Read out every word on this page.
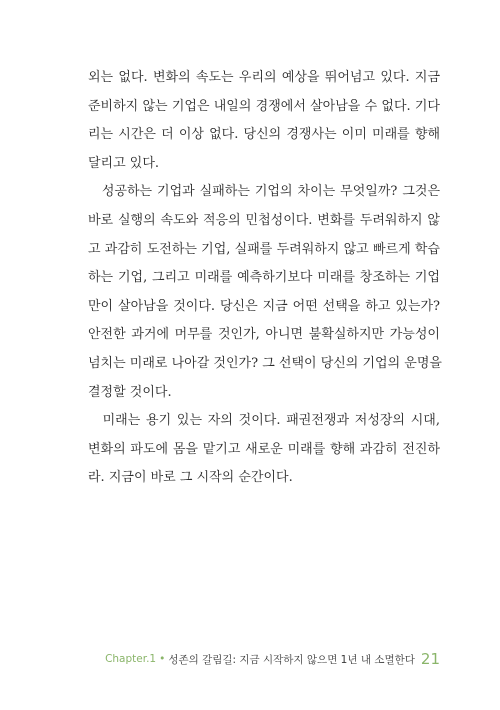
외는 없다. 변화의 속도는 우리의 예상을 뛰어넘고 있다. 지금
준비하지 않는 기업은 내일의 경쟁에서 살아남을 수 없다. 기다
리는 시간은 더 이상 없다. 당신의 경쟁사는 이미 미래를 향해
달리고 있다.
　성공하는 기업과 실패하는 기업의 차이는 무엇일까? 그것은
바로 실행의 속도와 적응의 민첩성이다. 변화를 두려워하지 않
고 과감히 도전하는 기업, 실패를 두려워하지 않고 빠르게 학습
하는 기업, 그리고 미래를 예측하기보다 미래를 창조하는 기업
만이 살아남을 것이다. 당신은 지금 어떤 선택을 하고 있는가?
안전한 과거에 머무를 것인가, 아니면 불확실하지만 가능성이
넘치는 미래로 나아갈 것인가? 그 선택이 당신의 기업의 운명을
결정할 것이다.
　미래는 용기 있는 자의 것이다. 패권전쟁과 저성장의 시대,
변화의 파도에 몸을 맡기고 새로운 미래를 향해 과감히 전진하
라. 지금이 바로 그 시작의 순간이다.
Chapter.1 • 성존의 갈림길: 지금 시작하지 않으면 1년 내 소멸한다 21
